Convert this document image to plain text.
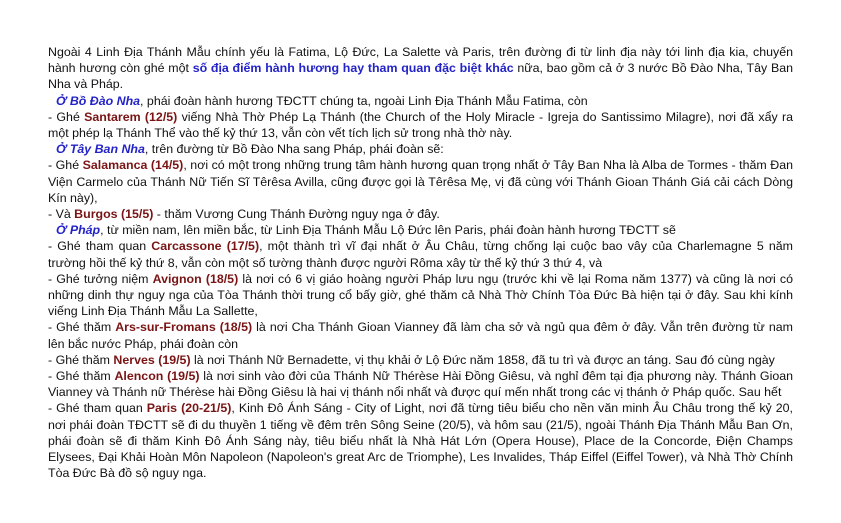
Ngoài 4 Linh Địa Thánh Mẫu chính yếu là Fatima, Lộ Đức, La Salette và Paris, trên đường đi từ linh địa này tới linh địa kia, chuyến hành hương còn ghé một số địa điểm hành hương hay tham quan đặc biệt khác nữa, bao gồm cả ở 3 nước Bồ Đào Nha, Tây Ban Nha và Pháp.

Ở Bồ Đào Nha, phái đoàn hành hương TĐCTT chúng ta, ngoài Linh Địa Thánh Mẫu Fatima, còn

- Ghé Santarem (12/5) viếng Nhà Thờ Phép Lạ Thánh (the Church of the Holy Miracle - Igreja do Santissimo Milagre), nơi đã xẩy ra một phép lạ Thánh Thể vào thế kỷ thứ 13, vẫn còn vết tích lịch sử trong nhà thờ này.

Ở Tây Ban Nha, trên đường từ Bồ Đào Nha sang Pháp, phái đoàn sẽ:

- Ghé Salamanca (14/5), nơi có một trong những trung tâm hành hương quan trọng nhất ở Tây Ban Nha là Alba de Tormes - thăm Đan Viện Carmelo của Thánh Nữ Tiến Sĩ Têrêsa Avilla, cũng được gọi là Têrêsa Mẹ, vị đã cùng với Thánh Gioan Thánh Giá cải cách Dòng Kín này),

- Và Burgos (15/5) - thăm Vương Cung Thánh Đường nguy nga ở đây.

Ở Pháp, từ miền nam, lên miền bắc, từ Linh Địa Thánh Mẫu Lộ Đức lên Paris, phái đoàn hành hương TĐCTT sẽ

- Ghé tham quan Carcassone (17/5), một thành trì vĩ đại nhất ở Âu Châu, từng chống lại cuộc bao vây của Charlemagne 5 năm trường hồi thế kỷ thứ 8, vẫn còn một số tường thành được người Rôma xây từ thế kỷ thứ 3 thứ 4, và

- Ghé tưởng niệm Avignon (18/5) là nơi có 6 vị giáo hoàng người Pháp lưu ngụ (trước khi về lại Roma năm 1377) và cũng là nơi có những dinh thự nguy nga của Tòa Thánh thời trung cổ bấy giờ, ghé thăm cả Nhà Thờ Chính Tòa Đức Bà hiện tại ở đây. Sau khi kính viếng Linh Địa Thánh Mẫu La Sallette,

- Ghé thăm Ars-sur-Fromans (18/5) là nơi Cha Thánh Gioan Vianney đã làm cha sở và ngủ qua đêm ở đây. Vẫn trên đường từ nam lên bắc nước Pháp, phái đoàn còn

- Ghé thăm Nerves (19/5) là nơi Thánh Nữ Bernadette, vị thụ khải ở Lộ Đức năm 1858, đã tu trì và được an táng. Sau đó cùng ngày

- Ghé thăm Alencon (19/5) là nơi sinh vào đời của Thánh Nữ Thérèse Hài Đồng Giêsu, và nghỉ đêm tại địa phương này. Thánh Gioan Vianney và Thánh nữ Thérèse hài Đồng Giêsu là hai vị thánh nổi nhất và được quí mến nhất trong các vị thánh ở Pháp quốc. Sau hết

- Ghé tham quan Paris (20-21/5), Kinh Đô Ánh Sáng - City of Light, nơi đã từng tiêu biểu cho nền văn minh Âu Châu trong thế kỷ 20, nơi phái đoàn TĐCTT sẽ đi du thuyền 1 tiếng về đêm trên Sông Seine (20/5), và hôm sau (21/5), ngoài Thánh Địa Thánh Mẫu Ban Ơn, phái đoàn sẽ đi thăm Kinh Đô Ánh Sáng này, tiêu biểu nhất là Nhà Hát Lớn (Opera House), Place de la Concorde, Điện Champs Elysees, Đại Khải Hoàn Môn Napoleon (Napoleon's great Arc de Triomphe), Les Invalides, Tháp Eiffel (Eiffel Tower), và Nhà Thờ Chính Tòa Đức Bà đồ sộ nguy nga.
